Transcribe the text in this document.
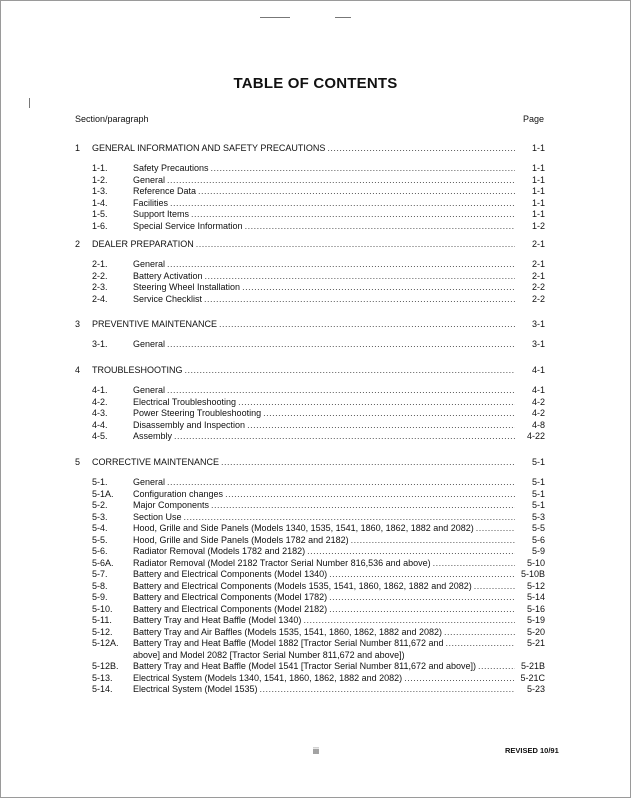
TABLE OF CONTENTS
Section/paragraph	Page
1 GENERAL INFORMATION AND SAFETY PRECAUTIONS .....	1-1
1-1.	Safety Precautions .....	1-1
1-2.	General .....	1-1
1-3.	Reference Data .....	1-1
1-4.	Facilities .....	1-1
1-5.	Support Items .....	1-1
1-6.	Special Service Information .....	1-2
2 DEALER PREPARATION .....	2-1
2-1.	General .....	2-1
2-2.	Battery Activation .....	2-1
2-3.	Steering Wheel Installation .....	2-2
2-4.	Service Checklist .....	2-2
3 PREVENTIVE MAINTENANCE .....	3-1
3-1.	General .....	3-1
4 TROUBLESHOOTING .....	4-1
4-1.	General .....	4-1
4-2.	Electrical Troubleshooting .....	4-2
4-3.	Power Steering Troubleshooting .....	4-2
4-4.	Disassembly and Inspection .....	4-8
4-5.	Assembly .....	4-22
5 CORRECTIVE MAINTENANCE .....	5-1
5-1.	General .....	5-1
5-1A. Configuration changes .....	5-1
5-2.	Major Components .....	5-1
5-3.	Section Use .....	5-3
5-4.	Hood, Grille and Side Panels (Models 1340, 1535, 1541, 1860, 1862, 1882 and 2082) .....	5-5
5-5.	Hood, Grille and Side Panels (Models 1782 and 2182) .....	5-6
5-6.	Radiator Removal (Models 1782 and 2182) .....	5-9
5-6A. Radiator Removal (Model 2182 Tractor Serial Number 816,536 and above) .....	5-10
5-7.	Battery and Electrical Components (Model 1340) .....	5-10B
5-8.	Battery and Electrical Components (Models 1535, 1541, 1860, 1862, 1882 and 2082) .....	5-12
5-9.	Battery and Electrical Components (Model 1782) .....	5-14
5-10. Battery and Electrical Components (Model 2182) .....	5-16
5-11. Battery Tray and Heat Baffle (Model 1340) .....	5-19
5-12. Battery Tray and Air Baffles (Models 1535, 1541, 1860, 1862, 1882 and 2082) .....	5-20
5-12A. Battery Tray and Heat Baffle (Model 1882 [Tractor Serial Number 811,672 and .....	5-21
above] and Model 2082 [Tractor Serial Number 811,672 and above])
5-12B. Battery Tray and Heat Baffle (Model 1541 [Tractor Serial Number 811,672 and above]) .....	5-21B
5-13. Electrical System (Models 1340, 1541, 1860, 1862, 1882 and 2082) .....	5-21C
5-14. Electrical System (Model 1535) .....	5-23
iii	REVISED 10/91
